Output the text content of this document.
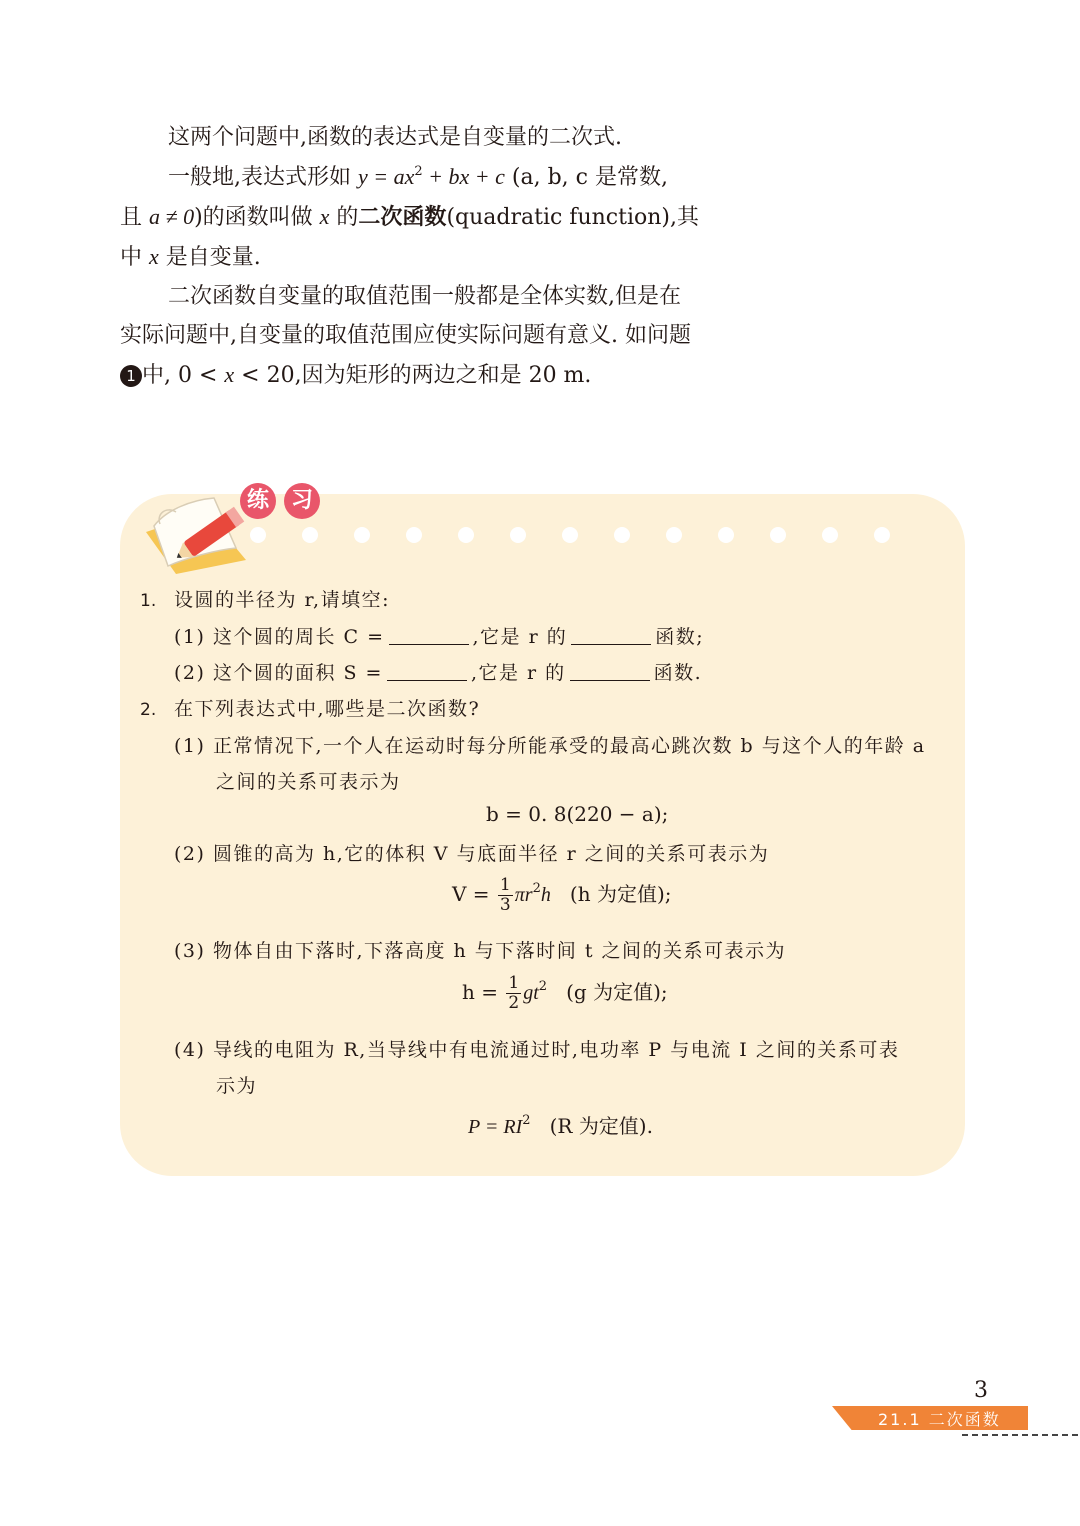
这两个问题中,函数的表达式是自变量的二次式.

一般地,表达式形如 $y = ax^2$ + bx + c (a, b, c 是常数,

且 a ≠ 0)的函数叫做 x 的二次函数(quadratic function),其

中 x 是自变量.

二次函数自变量的取值范围一般都是全体实数,但是在

实际问题中,自变量的取值范围应使实际问题有意义. 如问题

1 中, 0 < x < 20,因为矩形的两边之和是 20 m.

练 习

1. 设圆的半径为 r,请填空:

(1) 这个圆的周长 C =	,它是 r 的	函数;

(2) 这个圆的面积 S =	,它是 r 的	函数.

2. 在下列表达式中,哪些是二次函数?

(1) 正常情况下,一个人在运动时每分所能承受的最高心跳次数 b 与这个人的年龄 a

之间的关系可表示为

b = 0. 8(220 − a);

(2) 圆锥的高为 h,它的体积 V 与底面半径 r 之间的关系可表示为

$V = \frac{1}{3} \pi r^2h$ (h 为定值);

(3) 物体自由下落时,下落高度 h 与下落时间 t 之间的关系可表示为

$h = \frac{1}{2} gt^2$ (g 为定值);

(4) 导线的电阻为 R,当导线中有电流通过时,电功率 P 与电流 I 之间的关系可表

示为

$P = RI^2$ (R 为定值).
3
21.1 二次函数
